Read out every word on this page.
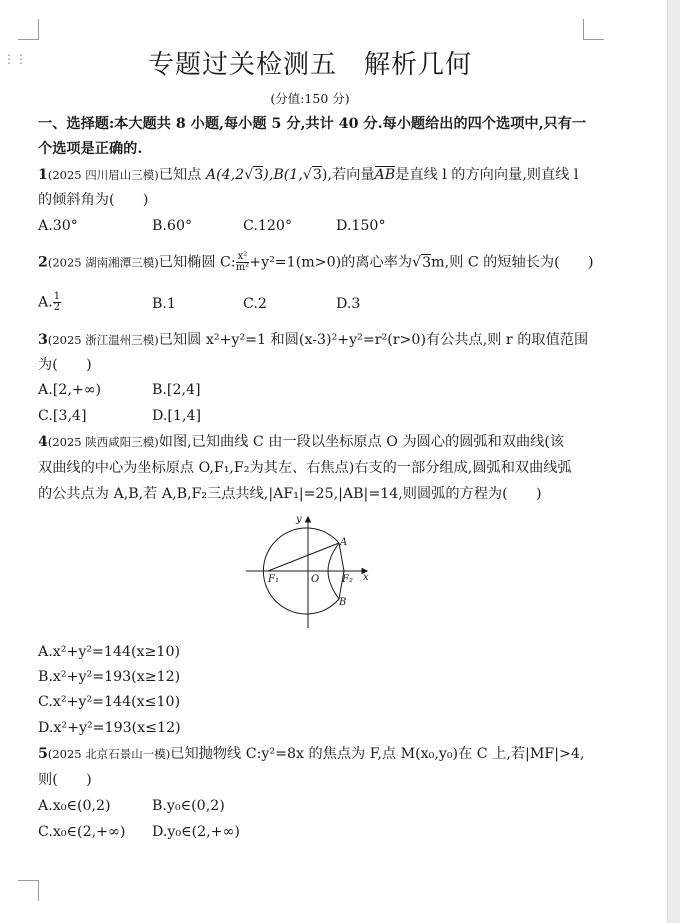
⋮⋮	专题过关检测五　解析几何
(分值:150 分)
一、选择题:本大题共 8 小题,每小题 5 分,共计 40 分.每小题给出的四个选项中,只有一
个选项是正确的.
1(2025 四川眉山三模)已知点 A(4,2√3),B(1,√3),若向量AB是直线 l 的方向向量,则直线 l
的倾斜角为(　　)
A.30°	B.60°	C.120°	D.150°
2(2025 湖南湘潭三模)已知椭圆 C: $\frac{\text{x²}}{\text{m²}} +y^2=1(m>0)$的离心率为√3m,则 C 的短轴长为(　　)
A. $\frac{1}{2}$	B.1	C.2	D.3
3(2025 浙江温州三模)已知圆 x²+y²=1 和圆(x-3)²+y²=r²(r>0)有公共点,则 r 的取值范围
为(　　)
A.[2,+∞)	B.[2,4]
C.[3,4]	D.[1,4]
4(2025 陕西咸阳三模)如图,已知曲线 C 由一段以坐标原点 O 为圆心的圆弧和双曲线(该
双曲线的中心为坐标原点 O,F₁,F₂为其左、右焦点)右支的一部分组成,圆弧和双曲线弧
的公共点为 A,B,若 A,B,F₂三点共线,|AF₁|=25,|AB|=14,则圆弧的方程为(　　)
y
x
O
A
B
F₁	F₂
A.x²+y²=144(x≥10)
B.x²+y²=193(x≥12)
C.x²+y²=144(x≤10)
D.x²+y²=193(x≤12)
5(2025 北京石景山一模)已知抛物线 C:y²=8x 的焦点为 F,点 M(x₀,y₀)在 C 上,若|MF|>4,
则(　　)
A.x₀∈(0,2)	B.y₀∈(0,2)
C.x₀∈(2,+∞) D.y₀∈(2,+∞)
